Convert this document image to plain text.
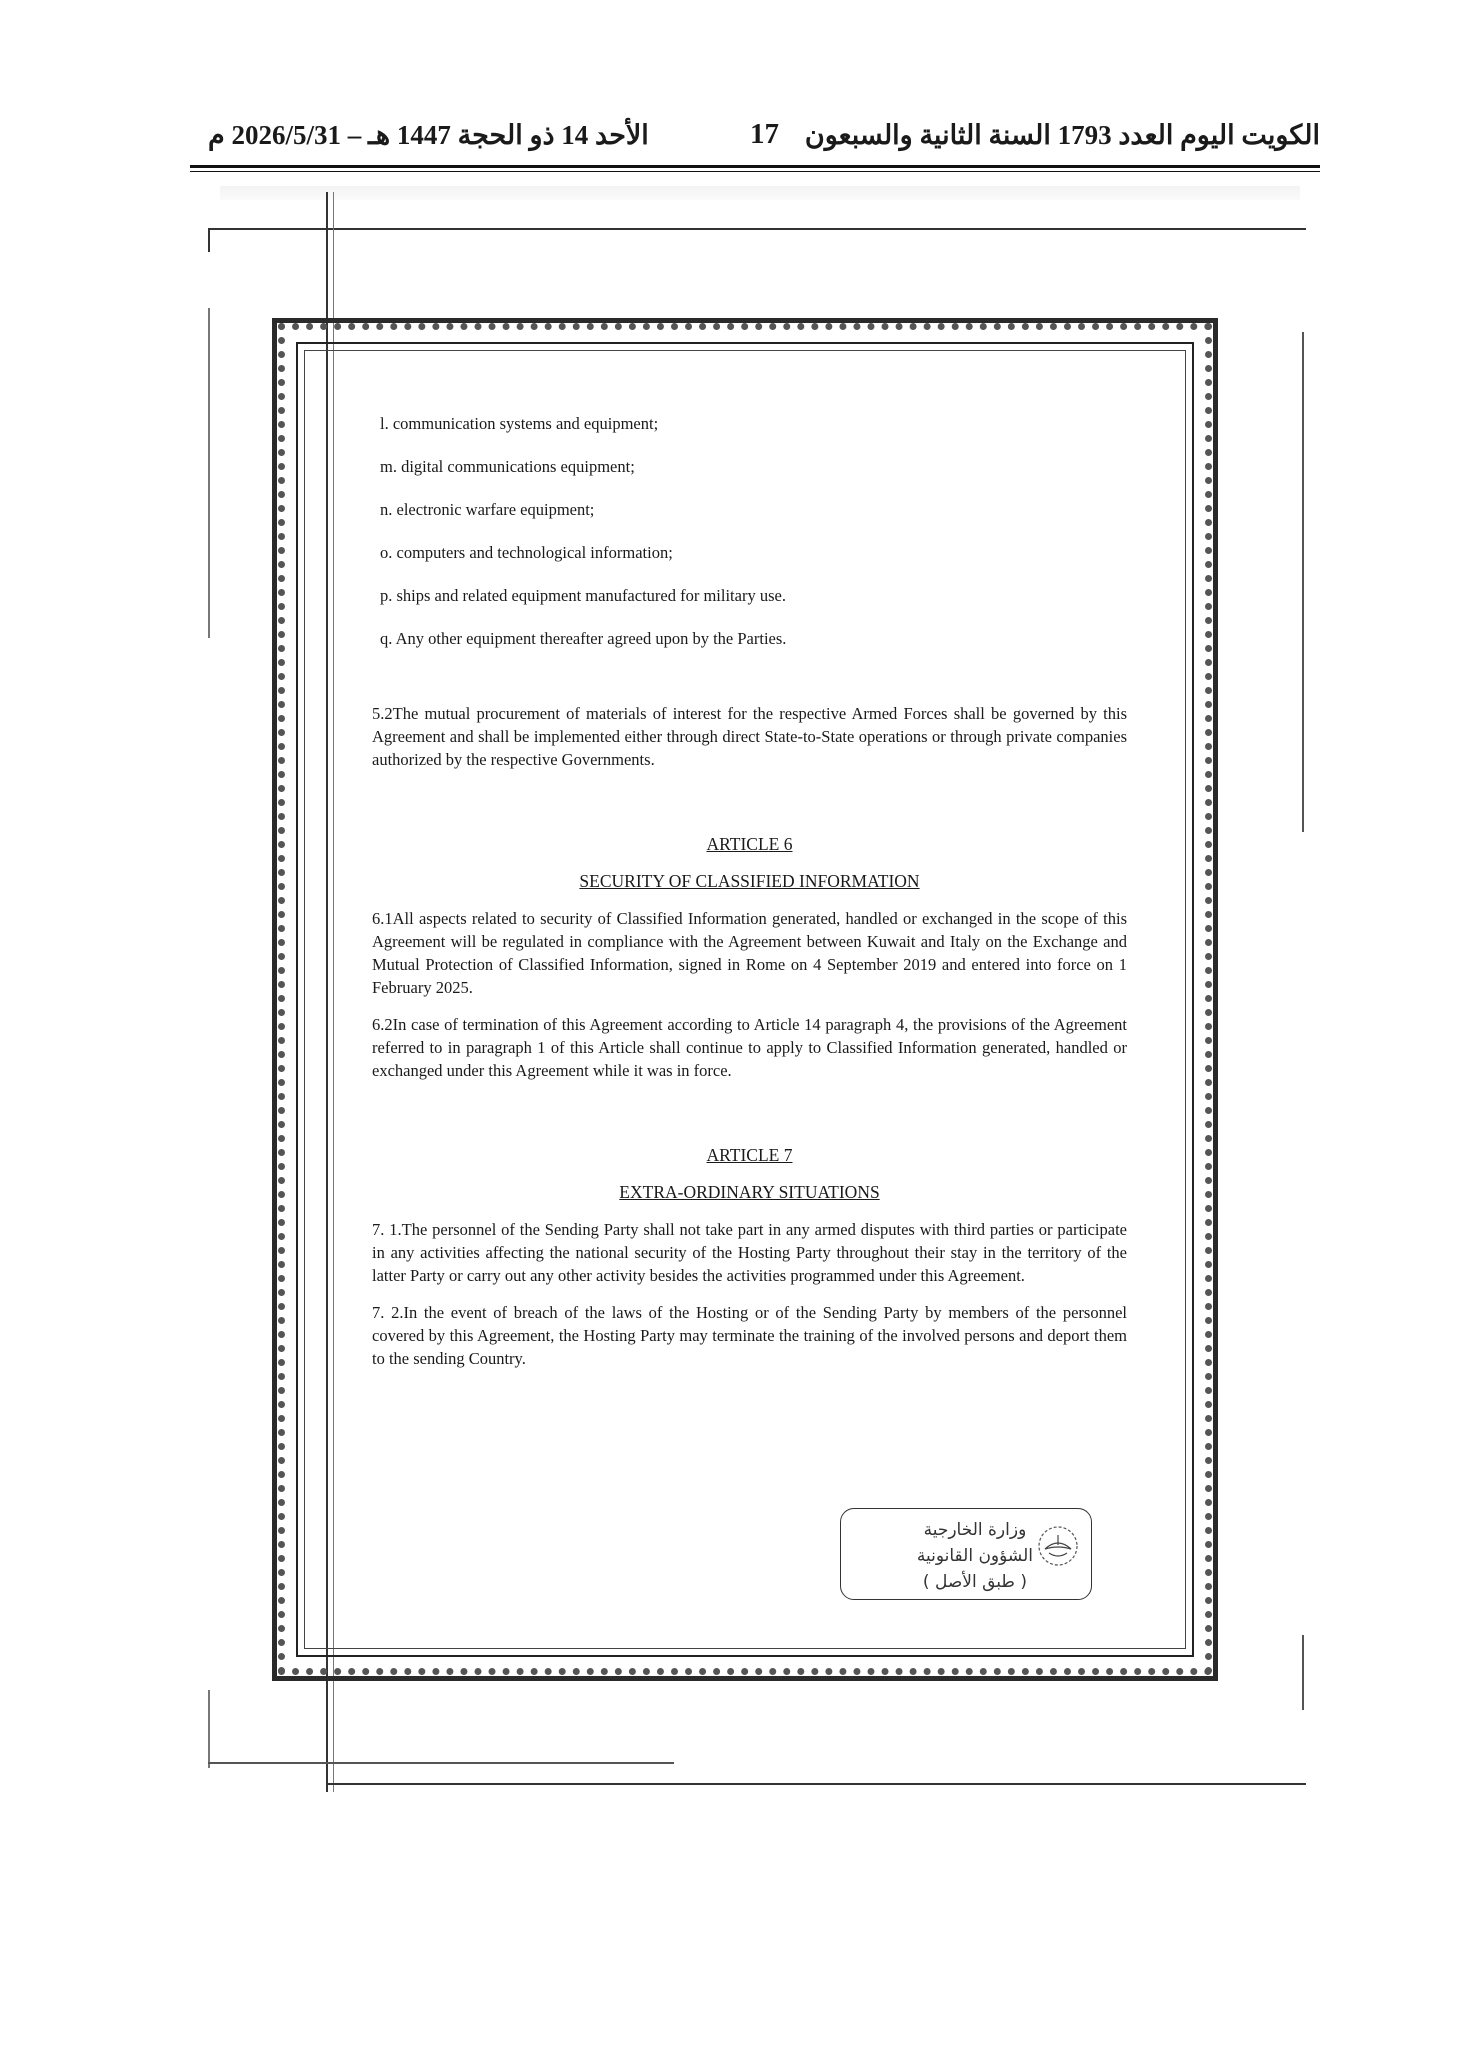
الأحد 14 ذو الحجة 1447 هـ – 2026/5/31 م	17 الكويت اليوم العدد 1793 السنة الثانية والسبعون

l. communication systems and equipment;

m. digital communications equipment;

n. electronic warfare equipment;

o. computers and technological information;

p. ships and related equipment manufactured for military use.

q. Any other equipment thereafter agreed upon by the Parties.

5.2The mutual procurement of materials of interest for the respective Armed Forces shall be governed by this Agreement and shall be implemented either through direct State-to-State operations or through private companies authorized by the respective Governments.

ARTICLE 6

SECURITY OF CLASSIFIED INFORMATION

6.1All aspects related to security of Classified Information generated, handled or exchanged in the scope of this Agreement will be regulated in compliance with the Agreement between Kuwait and Italy on the Exchange and Mutual Protection of Classified Information, signed in Rome on 4 September 2019 and entered into force on 1 February 2025.

6.2In case of termination of this Agreement according to Article 14 paragraph 4, the provisions of the Agreement referred to in paragraph 1 of this Article shall continue to apply to Classified Information generated, handled or exchanged under this Agreement while it was in force.

ARTICLE 7

EXTRA-ORDINARY SITUATIONS

7. 1.The personnel of the Sending Party shall not take part in any armed disputes with third parties or participate in any activities affecting the national security of the Hosting Party throughout their stay in the territory of the latter Party or carry out any other activity besides the activities programmed under this Agreement.

7. 2.In the event of breach of the laws of the Hosting or of the Sending Party by members of the personnel covered by this Agreement, the Hosting Party may terminate the training of the involved persons and deport them to the sending Country.

وزارة الخارجية
الشؤون القانونية
( طبق الأصل )
